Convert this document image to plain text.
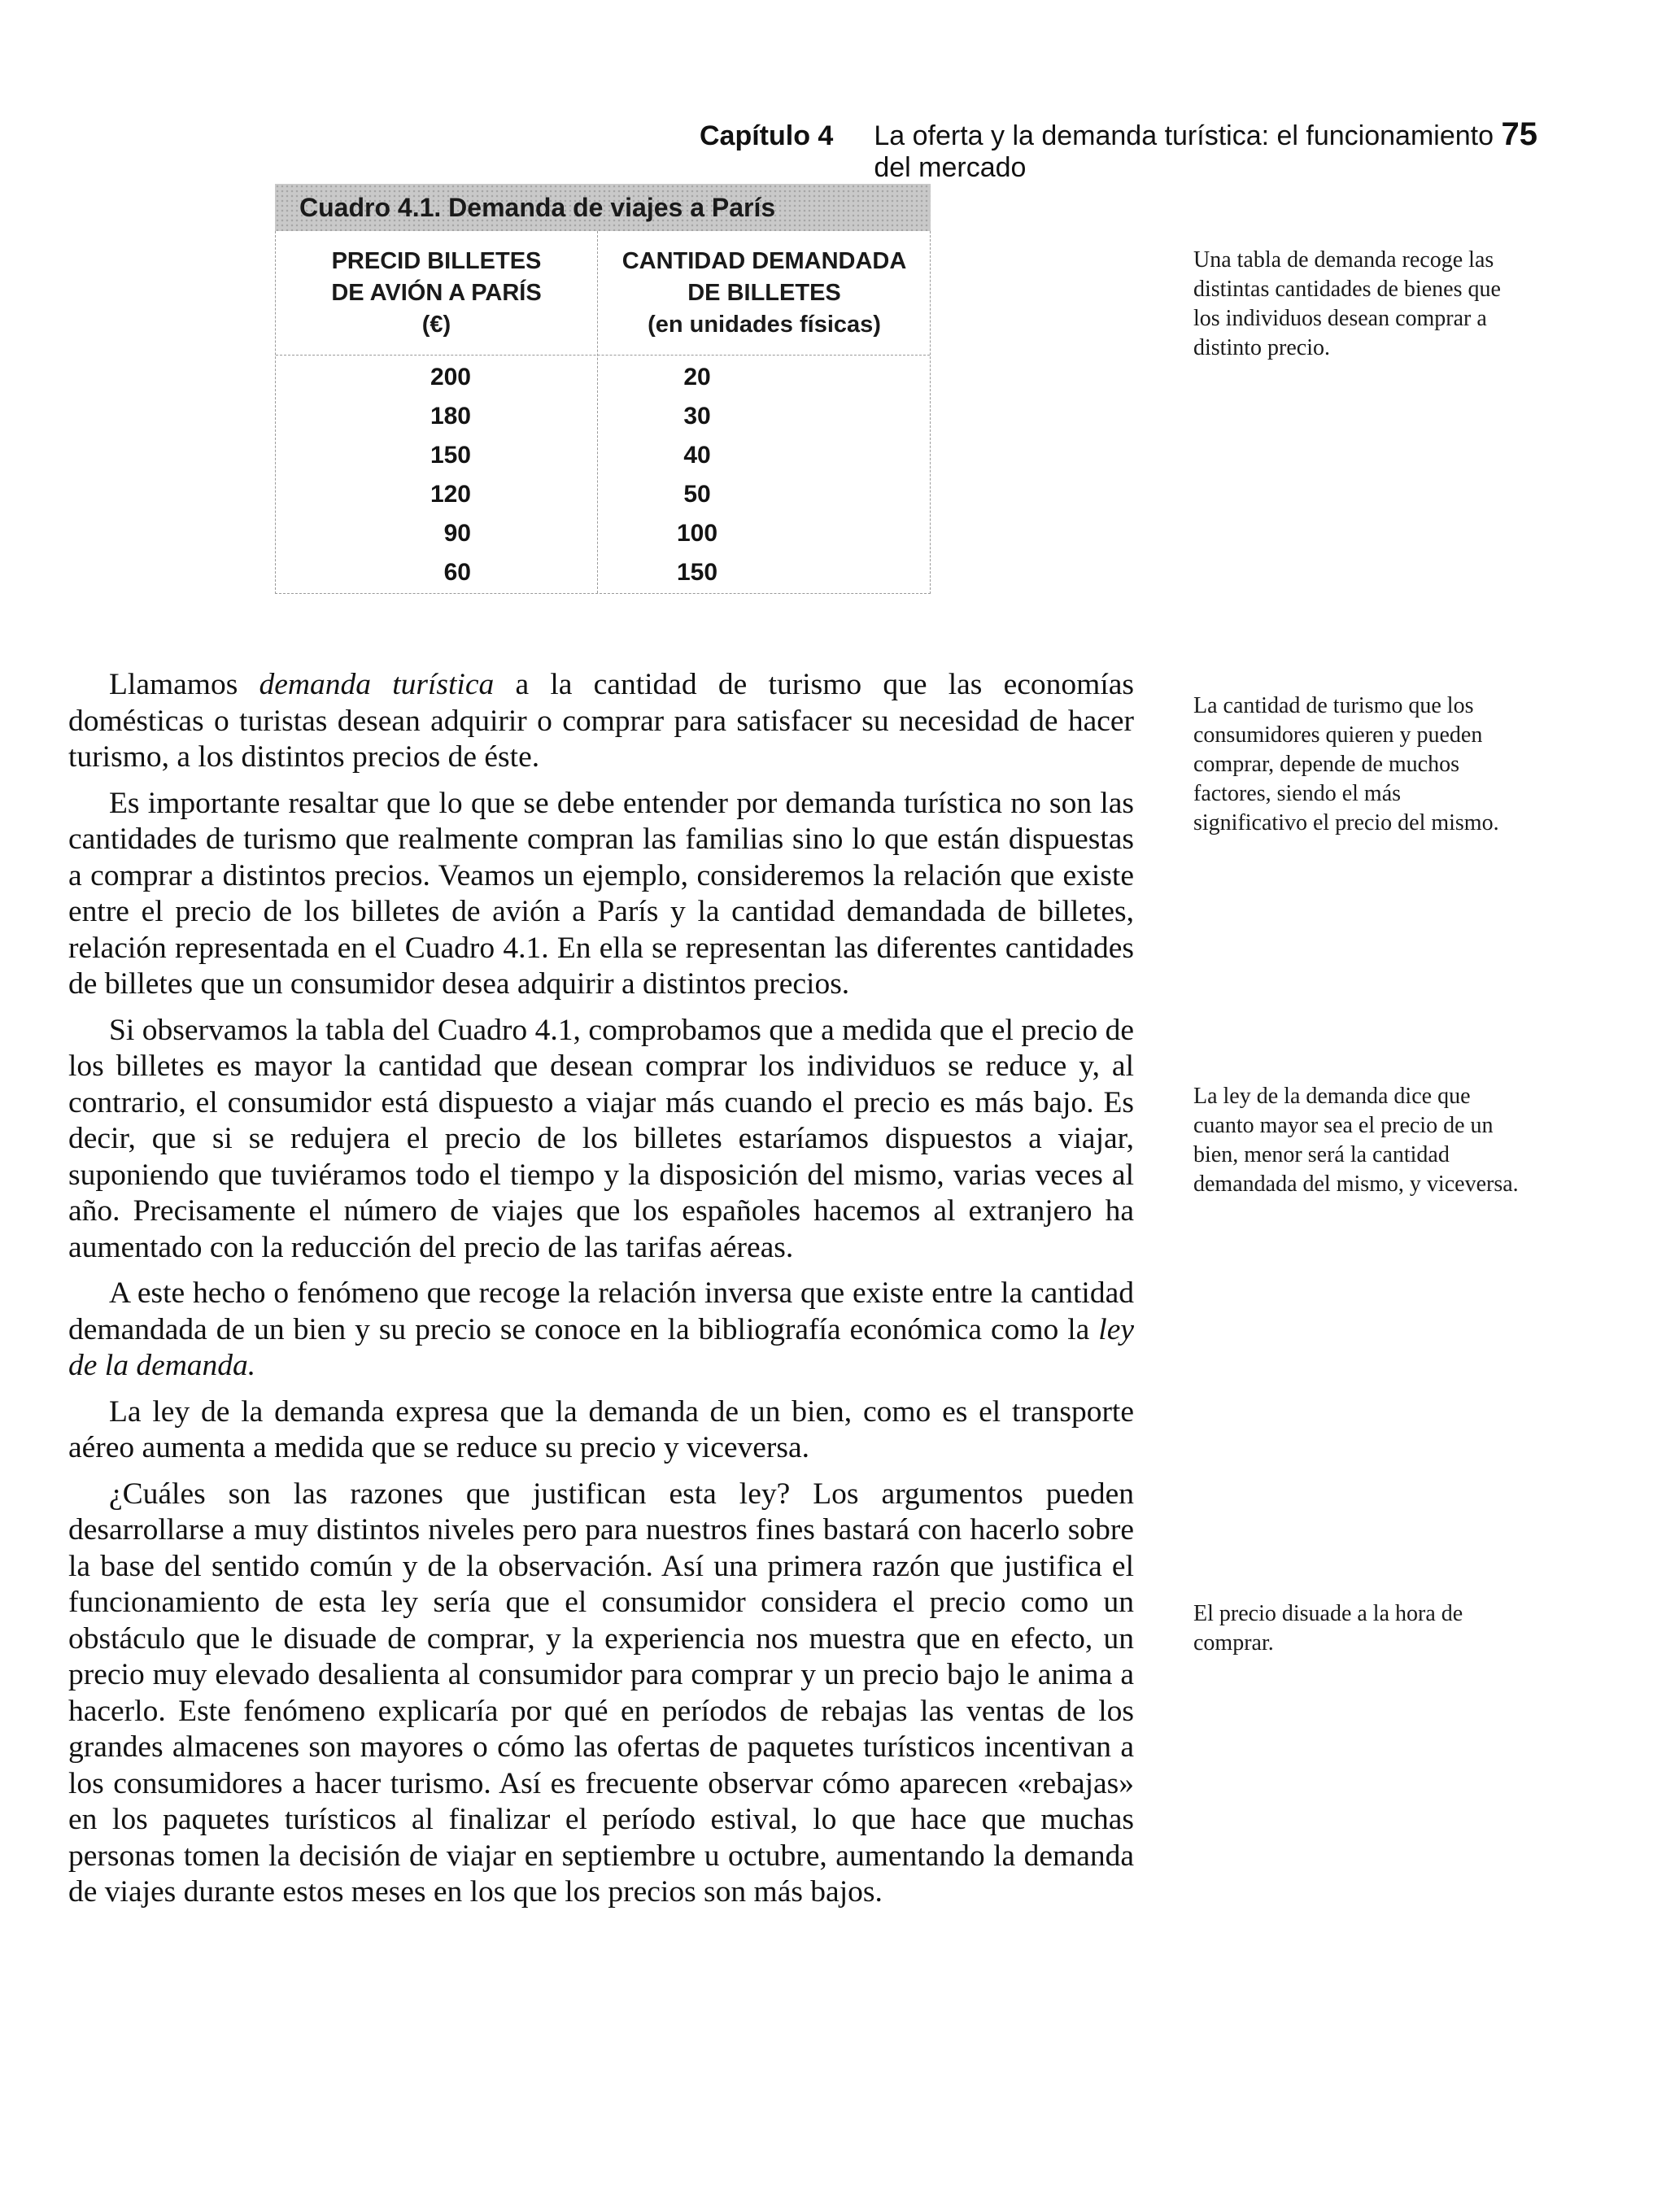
Capítulo 4 La oferta y la demanda turística: el funcionamiento del mercado
75
Cuadro 4.1. Demanda de viajes a París
PRECID BILLETES
DE AVIÓN A PARÍS
(€)
CANTIDAD DEMANDADA
DE BILLETES
(en unidades físicas)
200	20
180	30
150	40
120	50
90	100
60	150
Una tabla de demanda recoge las distintas cantidades de bienes que los individuos desean comprar a distinto precio.
La cantidad de turismo que los consumidores quieren y pueden comprar, depende de muchos factores, siendo el más significativo el precio del mismo.
La ley de la demanda dice que cuanto mayor sea el precio de un bien, menor será la cantidad demandada del mismo, y viceversa.
El precio disuade a la hora de comprar.

Llamamos demanda turística a la cantidad de turismo que las economías domésticas o turistas desean adquirir o comprar para satisfacer su necesidad de hacer turismo, a los distintos precios de éste.

Es importante resaltar que lo que se debe entender por demanda turística no son las cantidades de turismo que realmente compran las familias sino lo que están dispuestas a comprar a distintos precios. Veamos un ejemplo, consideremos la relación que existe entre el precio de los billetes de avión a París y la cantidad demandada de billetes, relación representada en el Cuadro 4.1. En ella se representan las diferentes cantidades de billetes que un consumidor desea adquirir a distintos precios.

Si observamos la tabla del Cuadro 4.1, comprobamos que a medida que el precio de los billetes es mayor la cantidad que desean comprar los individuos se reduce y, al contrario, el consumidor está dispuesto a viajar más cuando el precio es más bajo. Es decir, que si se redujera el precio de los billetes estaríamos dispuestos a viajar, suponiendo que tuviéramos todo el tiempo y la disposición del mismo, varias veces al año. Precisamente el número de viajes que los españoles hacemos al extranjero ha aumentado con la reducción del precio de las tarifas aéreas.

A este hecho o fenómeno que recoge la relación inversa que existe entre la cantidad demandada de un bien y su precio se conoce en la bibliografía económica como la ley de la demanda.

La ley de la demanda expresa que la demanda de un bien, como es el transporte aéreo aumenta a medida que se reduce su precio y viceversa.

¿Cuáles son las razones que justifican esta ley? Los argumentos pueden desarrollarse a muy distintos niveles pero para nuestros fines bastará con hacerlo sobre la base del sentido común y de la observación. Así una primera razón que justifica el funcionamiento de esta ley sería que el consumidor considera el precio como un obstáculo que le disuade de comprar, y la experiencia nos muestra que en efecto, un precio muy elevado desalienta al consumidor para comprar y un precio bajo le anima a hacerlo. Este fenómeno explicaría por qué en períodos de rebajas las ventas de los grandes almacenes son mayores o cómo las ofertas de paquetes turísticos incentivan a los consumidores a hacer turismo. Así es frecuente observar cómo aparecen «rebajas» en los paquetes turísticos al finalizar el período estival, lo que hace que muchas personas tomen la decisión de viajar en septiembre u octubre, aumentando la demanda de viajes durante estos meses en los que los precios son más bajos.
